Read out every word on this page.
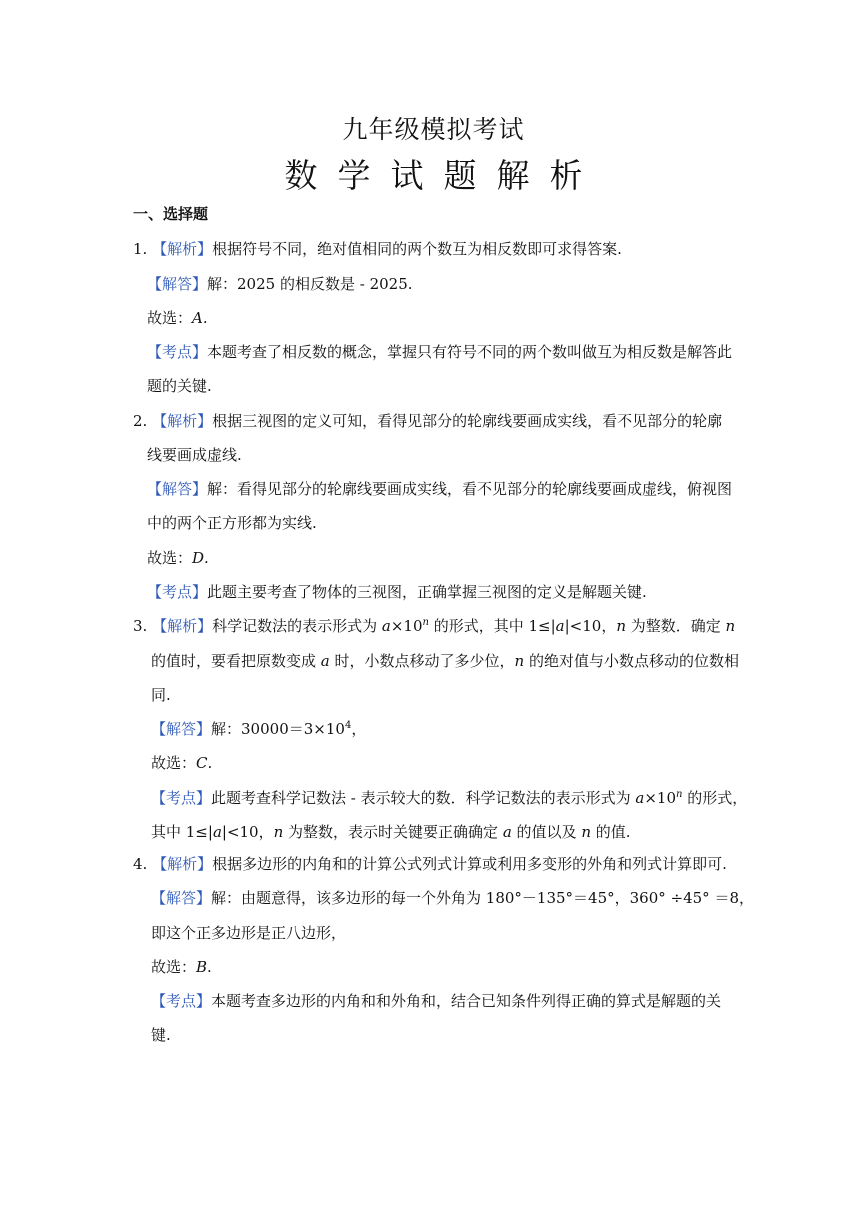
九年级模拟考试
数学试题解析
一、选择题
1. 【解析】根据符号不同，绝对值相同的两个数互为相反数即可求得答案.
【解答】解：2025 的相反数是 - 2025.
故选：A.
【考点】本题考查了相反数的概念，掌握只有符号不同的两个数叫做互为相反数是解答此
题的关键.
2. 【解析】根据三视图的定义可知，看得见部分的轮廓线要画成实线，看不见部分的轮廓
线要画成虚线.
【解答】解：看得见部分的轮廓线要画成实线，看不见部分的轮廓线要画成虚线，俯视图
中的两个正方形都为实线.
故选：D.
【考点】此题主要考查了物体的三视图，正确掌握三视图的定义是解题关键.
3. 【解析】科学记数法的表示形式为 $a\times 10^n$ 的形式，其中 1≤|a|<10，n 为整数．确定 n
的值时，要看把原数变成 a 时，小数点移动了多少位，n 的绝对值与小数点移动的位数相
同.
【解答】解：$30000=3\times 10^4$，
故选：C.
【考点】此题考查科学记数法 - 表示较大的数．科学记数法的表示形式为 $a\times 10^n$ 的形式，
其中 1≤|a|<10，n 为整数，表示时关键要正确确定 a 的值以及 n 的值.
4. 【解析】根据多边形的内角和的计算公式列式计算或利用多变形的外角和列式计算即可.
【解答】解：由题意得，该多边形的每一个外角为 180°－135°＝45°，360° ÷45° ＝8，
即这个正多边形是正八边形，
故选：B.
【考点】本题考查多边形的内角和和外角和，结合已知条件列得正确的算式是解题的关
键.
